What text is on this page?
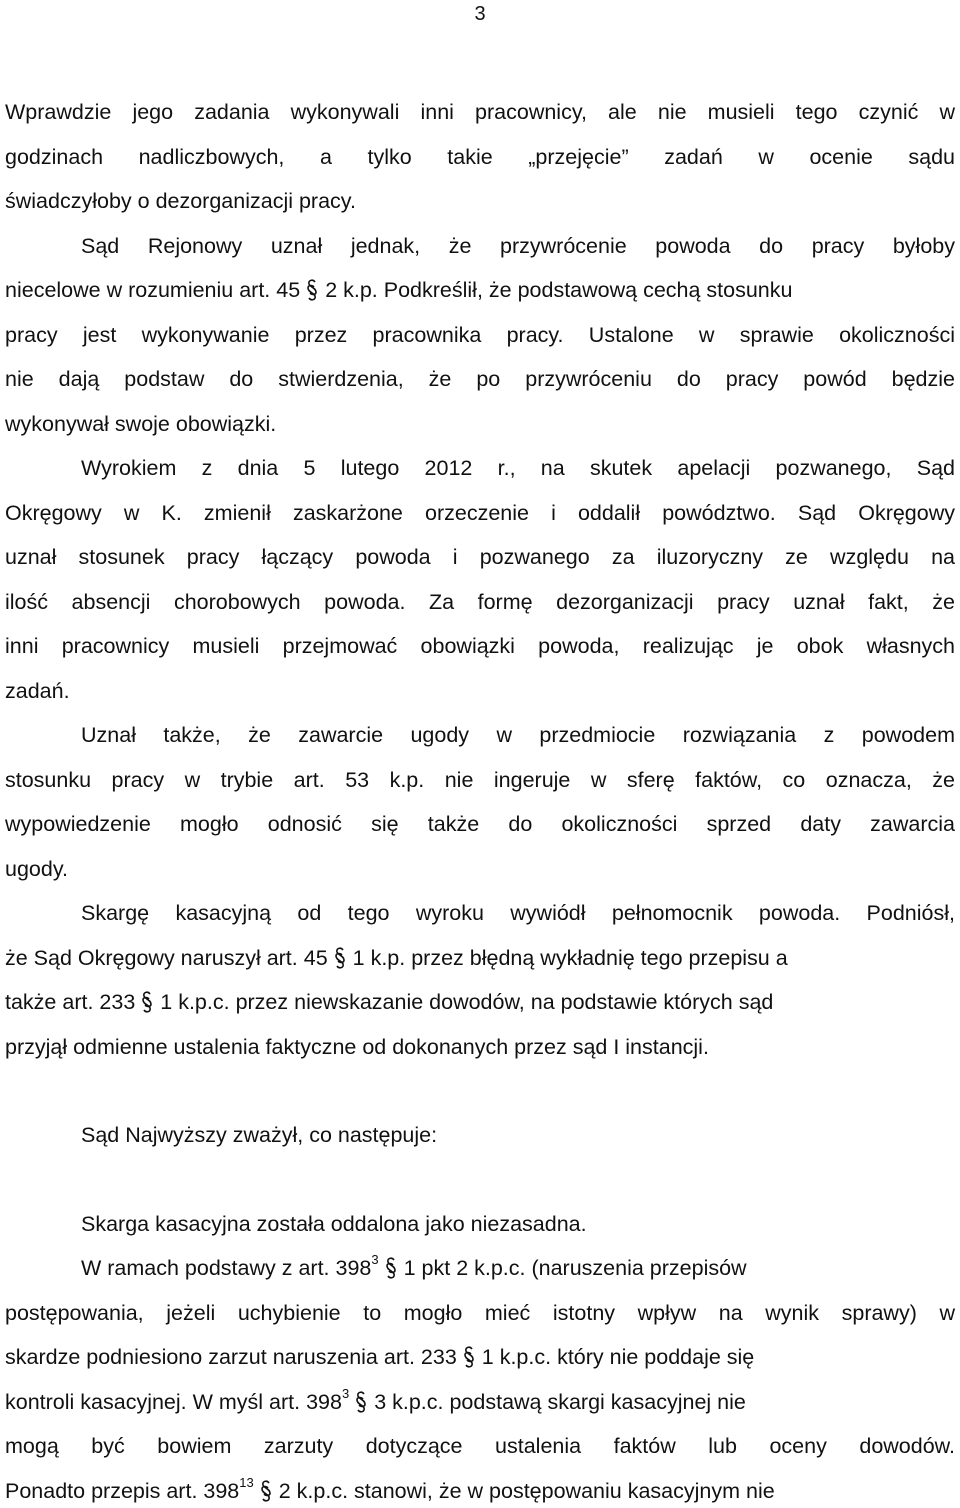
3
Wprawdzie jego zadania wykonywali inni pracownicy, ale nie musieli tego czynić w
godzinach nadliczbowych, a tylko takie „przejęcie” zadań w ocenie sądu
świadczyłoby o dezorganizacji pracy.
Sąd Rejonowy uznał jednak, że przywrócenie powoda do pracy byłoby
niecelowe w rozumieniu art. 45 2 k.p. Podkreślił, że podstawową cechą stosunku
pracy jest wykonywanie przez pracownika pracy. Ustalone w sprawie okoliczności
nie dają podstaw do stwierdzenia, że po przywróceniu do pracy powód będzie
wykonywał swoje obowiązki.
Wyrokiem z dnia 5 lutego 2012 r., na skutek apelacji pozwanego, Sąd
Okręgowy w K. zmienił zaskarżone orzeczenie i oddalił powództwo. Sąd Okręgowy
uznał stosunek pracy łączący powoda i pozwanego za iluzoryczny ze względu na
ilość absencji chorobowych powoda. Za formę dezorganizacji pracy uznał fakt, że
inni pracownicy musieli przejmować obowiązki powoda, realizując je obok własnych
zadań.
Uznał także, że zawarcie ugody w przedmiocie rozwiązania z powodem
stosunku pracy w trybie art. 53 k.p. nie ingeruje w sferę faktów, co oznacza, że
wypowiedzenie mogło odnosić się także do okoliczności sprzed daty zawarcia
ugody.
Skargę kasacyjną od tego wyroku wywiódł pełnomocnik powoda. Podniósł,
że Sąd Okręgowy naruszył art. 45 1 k.p. przez błędną wykładnię tego przepisu a
także art. 233 1 k.p.c. przez niewskazanie dowodów, na podstawie których sąd
przyjął odmienne ustalenia faktyczne od dokonanych przez sąd I instancji.
Sąd Najwyższy zważył, co następuje:
Skarga kasacyjna została oddalona jako niezasadna.
W ramach podstawy z art. $398^3$ 1 pkt 2 k.p.c. (naruszenia przepisów
postępowania, jeżeli uchybienie to mogło mieć istotny wpływ na wynik sprawy) w
skardze podniesiono zarzut naruszenia art. 233 1 k.p.c. który nie poddaje się
kontroli kasacyjnej. W myśl art. $398^3$ 3 k.p.c. podstawą skargi kasacyjnej nie
mogą być bowiem zarzuty dotyczące ustalenia faktów lub oceny dowodów.
Ponadto przepis art. $398^{13}$ 2 k.p.c. stanowi, że w postępowaniu kasacyjnym nie
